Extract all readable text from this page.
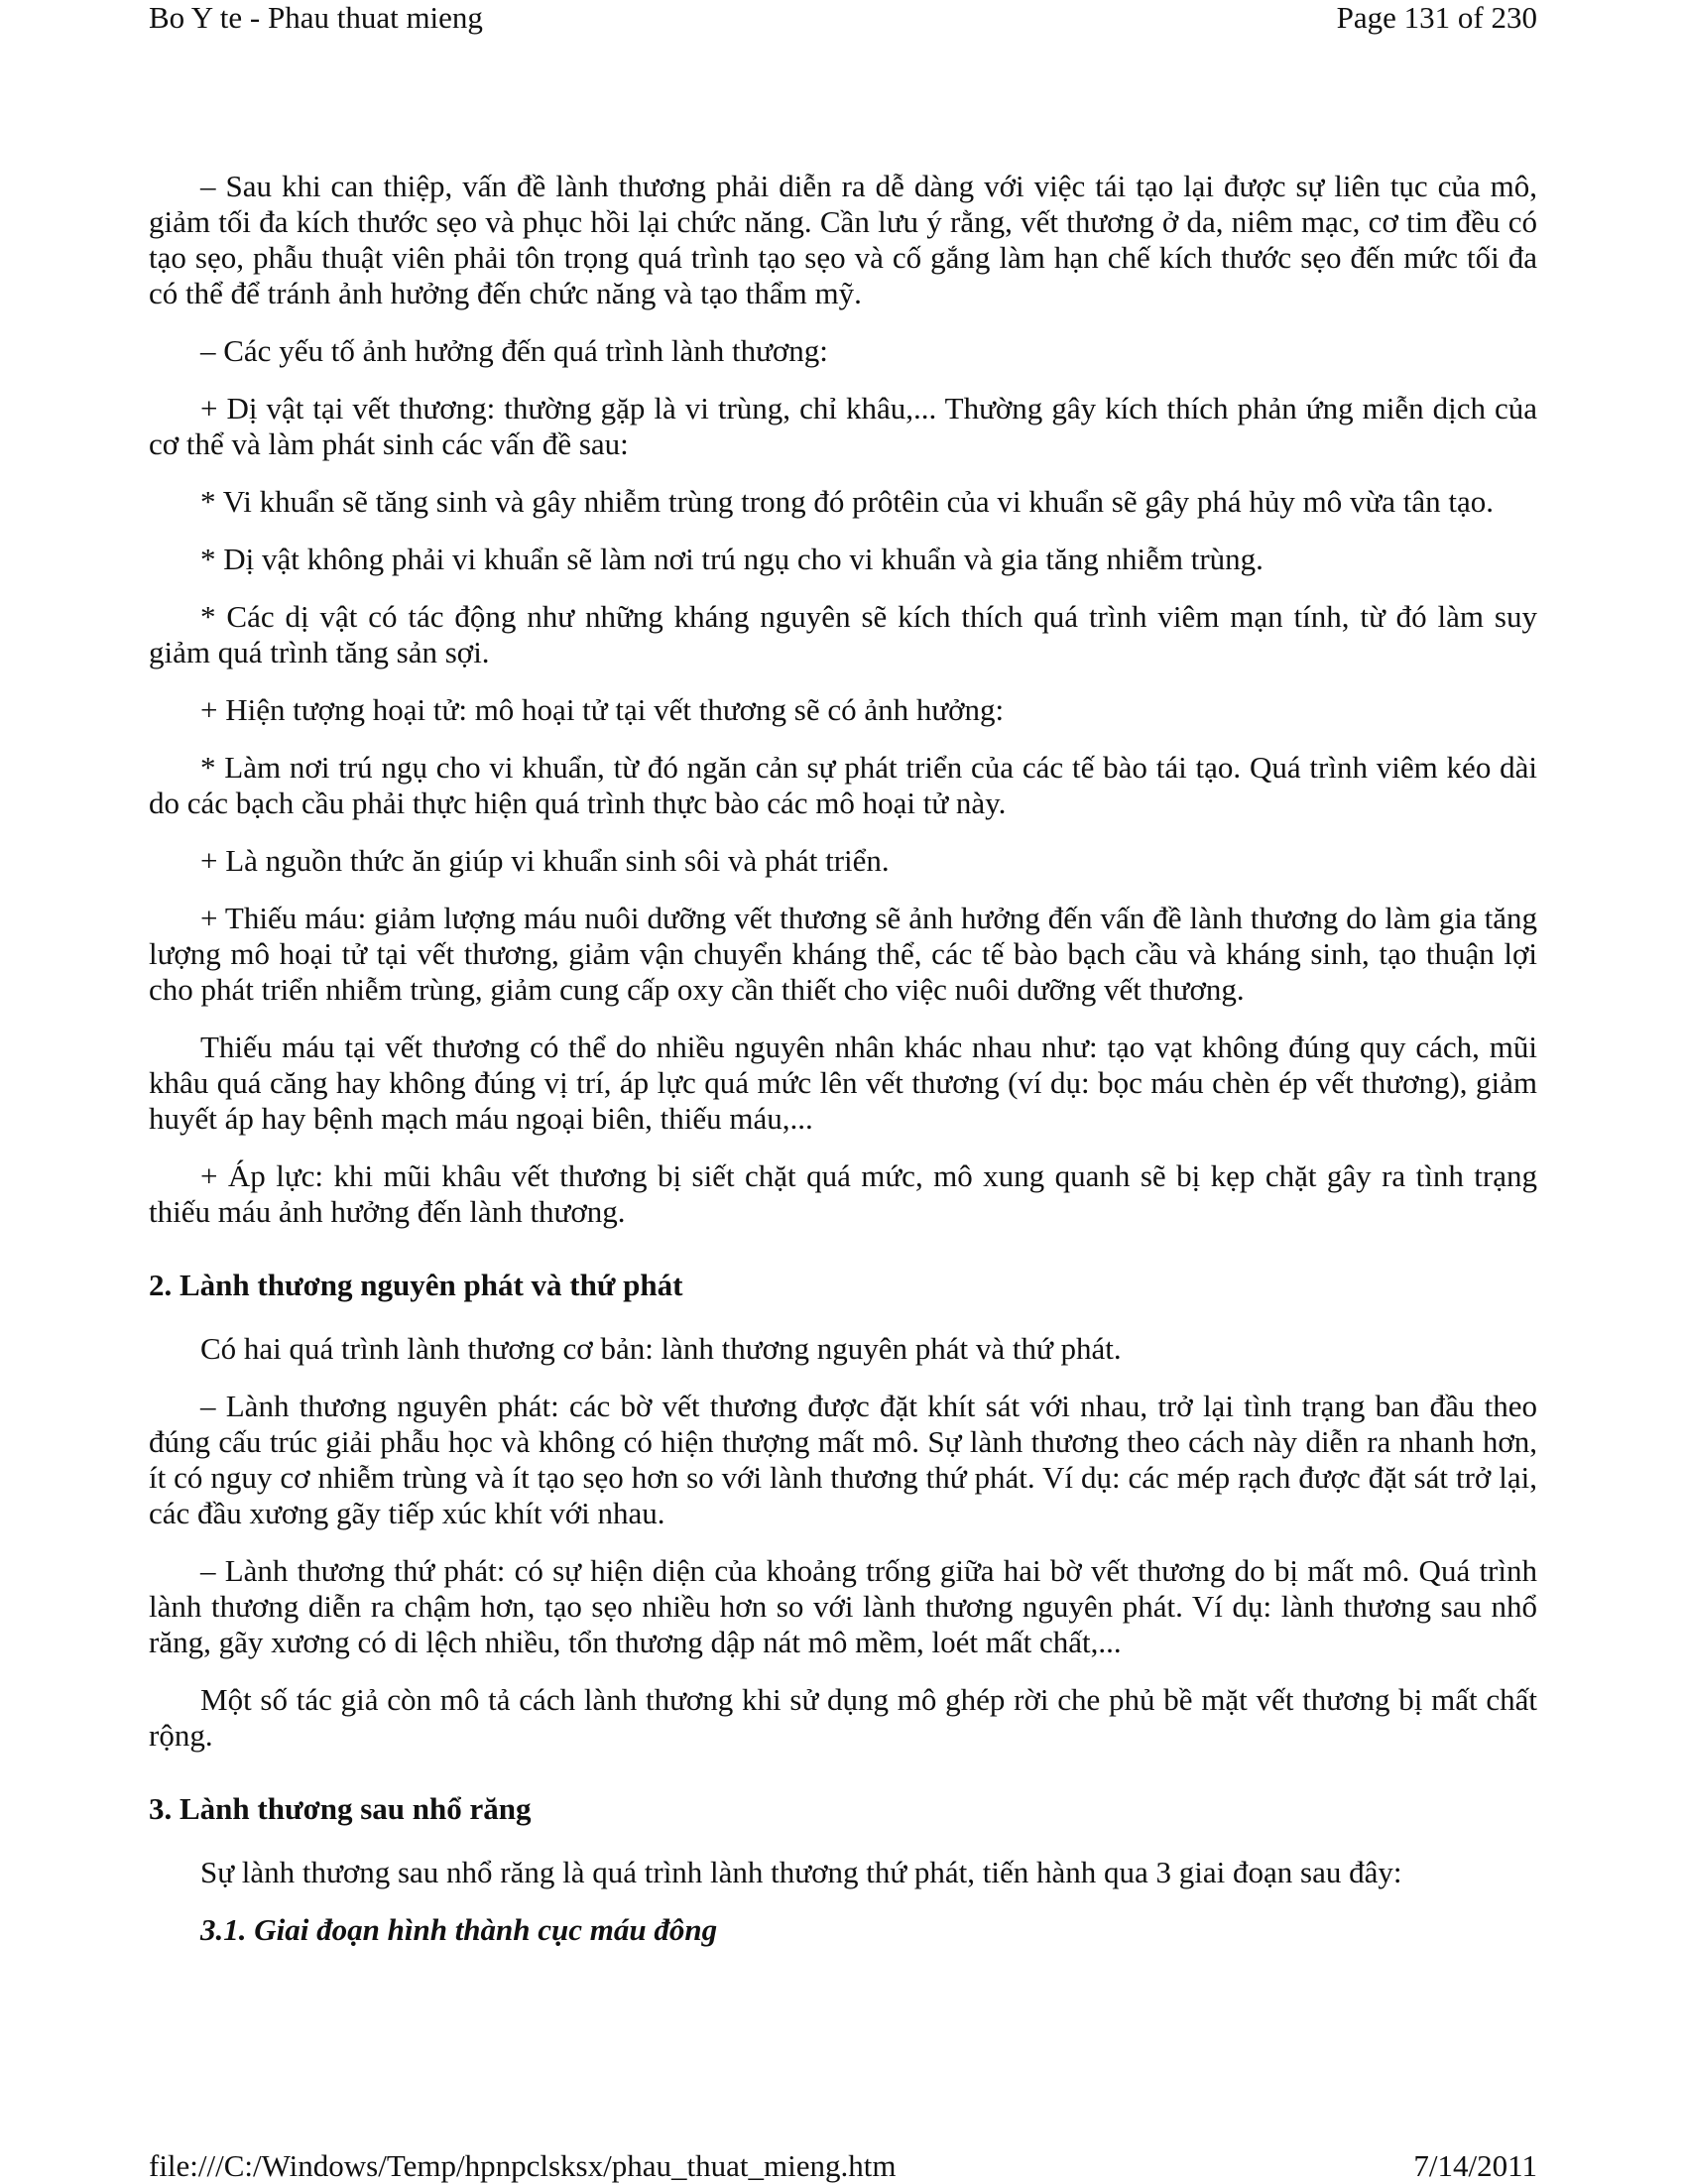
Bo Y te - Phau thuat mieng	Page 131 of 230

– Sau khi can thiệp, vấn đề lành thương phải diễn ra dễ dàng với việc tái tạo lại được sự liên tục của mô, giảm tối đa kích thước sẹo và phục hồi lại chức năng. Cần lưu ý rằng, vết thương ở da, niêm mạc, cơ tim đều có tạo sẹo, phẫu thuật viên phải tôn trọng quá trình tạo sẹo và cố gắng làm hạn chế kích thước sẹo đến mức tối đa có thể để tránh ảnh hưởng đến chức năng và tạo thẩm mỹ.

– Các yếu tố ảnh hưởng đến quá trình lành thương:

+ Dị vật tại vết thương: thường gặp là vi trùng, chỉ khâu,... Thường gây kích thích phản ứng miễn dịch của cơ thể và làm phát sinh các vấn đề sau:

* Vi khuẩn sẽ tăng sinh và gây nhiễm trùng trong đó prôtêin của vi khuẩn sẽ gây phá hủy mô vừa tân tạo.

* Dị vật không phải vi khuẩn sẽ làm nơi trú ngụ cho vi khuẩn và gia tăng nhiễm trùng.

* Các dị vật có tác động như những kháng nguyên sẽ kích thích quá trình viêm mạn tính, từ đó làm suy giảm quá trình tăng sản sợi.

+ Hiện tượng hoại tử: mô hoại tử tại vết thương sẽ có ảnh hưởng:

* Làm nơi trú ngụ cho vi khuẩn, từ đó ngăn cản sự phát triển của các tế bào tái tạo. Quá trình viêm kéo dài do các bạch cầu phải thực hiện quá trình thực bào các mô hoại tử này.

+ Là nguồn thức ăn giúp vi khuẩn sinh sôi và phát triển.

+ Thiếu máu: giảm lượng máu nuôi dưỡng vết thương sẽ ảnh hưởng đến vấn đề lành thương do làm gia tăng lượng mô hoại tử tại vết thương, giảm vận chuyển kháng thể, các tế bào bạch cầu và kháng sinh, tạo thuận lợi cho phát triển nhiễm trùng, giảm cung cấp oxy cần thiết cho việc nuôi dưỡng vết thương.

Thiếu máu tại vết thương có thể do nhiều nguyên nhân khác nhau như: tạo vạt không đúng quy cách, mũi khâu quá căng hay không đúng vị trí, áp lực quá mức lên vết thương (ví dụ: bọc máu chèn ép vết thương), giảm huyết áp hay bệnh mạch máu ngoại biên, thiếu máu,...

+ Áp lực: khi mũi khâu vết thương bị siết chặt quá mức, mô xung quanh sẽ bị kẹp chặt gây ra tình trạng thiếu máu ảnh hưởng đến lành thương.

2. Lành thương nguyên phát và thứ phát

Có hai quá trình lành thương cơ bản: lành thương nguyên phát và thứ phát.

– Lành thương nguyên phát: các bờ vết thương được đặt khít sát với nhau, trở lại tình trạng ban đầu theo đúng cấu trúc giải phẫu học và không có hiện thượng mất mô. Sự lành thương theo cách này diễn ra nhanh hơn, ít có nguy cơ nhiễm trùng và ít tạo sẹo hơn so với lành thương thứ phát. Ví dụ: các mép rạch được đặt sát trở lại, các đầu xương gãy tiếp xúc khít với nhau.

– Lành thương thứ phát: có sự hiện diện của khoảng trống giữa hai bờ vết thương do bị mất mô. Quá trình lành thương diễn ra chậm hơn, tạo sẹo nhiều hơn so với lành thương nguyên phát. Ví dụ: lành thương sau nhổ răng, gãy xương có di lệch nhiều, tổn thương dập nát mô mềm, loét mất chất,...

Một số tác giả còn mô tả cách lành thương khi sử dụng mô ghép rời che phủ bề mặt vết thương bị mất chất rộng.

3. Lành thương sau nhổ răng

Sự lành thương sau nhổ răng là quá trình lành thương thứ phát, tiến hành qua 3 giai đoạn sau đây:

3.1. Giai đoạn hình thành cục máu đông
file:///C:/Windows/Temp/hpnpclsksx/phau_thuat_mieng.htm	7/14/2011
